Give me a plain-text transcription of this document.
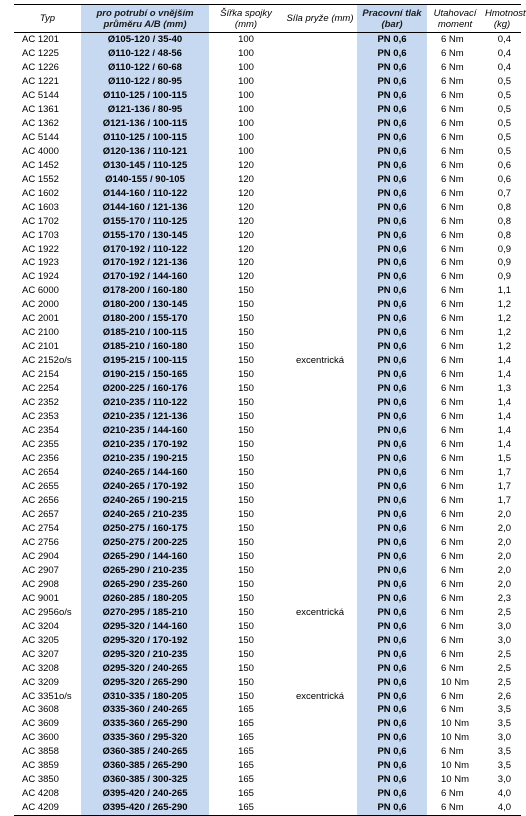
Typ	pro potrubí o vnějším průměru A/B (mm)	Šířka spojky (mm)	Síla pryže (mm)	Pracovní tlak (bar)	Utahovací moment	Hmotnost (kg)
AC 1201	Ø105-120 / 35-40	100		PN 0,6	6 Nm	0,4
AC 1225	Ø110-122 / 48-56	100		PN 0,6	6 Nm	0,4
AC 1226	Ø110-122 / 60-68	100		PN 0,6	6 Nm	0,4
AC 1221	Ø110-122 / 80-95	100		PN 0,6	6 Nm	0,5
AC 5144	Ø110-125 / 100-115	100		PN 0,6	6 Nm	0,5
AC 1361	Ø121-136 / 80-95	100		PN 0,6	6 Nm	0,5
AC 1362	Ø121-136 / 100-115	100		PN 0,6	6 Nm	0,5
AC 5144	Ø110-125 / 100-115	100		PN 0,6	6 Nm	0,5
AC 4000	Ø120-136 / 110-121	100		PN 0,6	6 Nm	0,5
AC 1452	Ø130-145 / 110-125	120		PN 0,6	6 Nm	0,6
AC 1552	Ø140-155 / 90-105	120		PN 0,6	6 Nm	0,6
AC 1602	Ø144-160 / 110-122	120		PN 0,6	6 Nm	0,7
AC 1603	Ø144-160 / 121-136	120		PN 0,6	6 Nm	0,8
AC 1702	Ø155-170 / 110-125	120		PN 0,6	6 Nm	0,8
AC 1703	Ø155-170 / 130-145	120		PN 0,6	6 Nm	0,8
AC 1922	Ø170-192 / 110-122	120		PN 0,6	6 Nm	0,9
AC 1923	Ø170-192 / 121-136	120		PN 0,6	6 Nm	0,9
AC 1924	Ø170-192 / 144-160	120		PN 0,6	6 Nm	0,9
AC 6000	Ø178-200 / 160-180	150		PN 0,6	6 Nm	1,1
AC 2000	Ø180-200 / 130-145	150		PN 0,6	6 Nm	1,2
AC 2001	Ø180-200 / 155-170	150		PN 0,6	6 Nm	1,2
AC 2100	Ø185-210 / 100-115	150		PN 0,6	6 Nm	1,2
AC 2101	Ø185-210 / 160-180	150		PN 0,6	6 Nm	1,2
AC 2152o/s	Ø195-215 / 100-115	150	excentrická	PN 0,6	6 Nm	1,4
AC 2154	Ø190-215 / 150-165	150		PN 0,6	6 Nm	1,4
AC 2254	Ø200-225 / 160-176	150		PN 0,6	6 Nm	1,3
AC 2352	Ø210-235 / 110-122	150		PN 0,6	6 Nm	1,4
AC 2353	Ø210-235 / 121-136	150		PN 0,6	6 Nm	1,4
AC 2354	Ø210-235 / 144-160	150		PN 0,6	6 Nm	1,4
AC 2355	Ø210-235 / 170-192	150		PN 0,6	6 Nm	1,4
AC 2356	Ø210-235 / 190-215	150		PN 0,6	6 Nm	1,5
AC 2654	Ø240-265 / 144-160	150		PN 0,6	6 Nm	1,7
AC 2655	Ø240-265 / 170-192	150		PN 0,6	6 Nm	1,7
AC 2656	Ø240-265 / 190-215	150		PN 0,6	6 Nm	1,7
AC 2657	Ø240-265 / 210-235	150		PN 0,6	6 Nm	2,0
AC 2754	Ø250-275 / 160-175	150		PN 0,6	6 Nm	2,0
AC 2756	Ø250-275 / 200-225	150		PN 0,6	6 Nm	2,0
AC 2904	Ø265-290 / 144-160	150		PN 0,6	6 Nm	2,0
AC 2907	Ø265-290 / 210-235	150		PN 0,6	6 Nm	2,0
AC 2908	Ø265-290 / 235-260	150		PN 0,6	6 Nm	2,0
AC 9001	Ø260-285 / 180-205	150		PN 0,6	6 Nm	2,3
AC 2956o/s	Ø270-295 / 185-210	150	excentrická	PN 0,6	6 Nm	2,5
AC 3204	Ø295-320 / 144-160	150		PN 0,6	6 Nm	3,0
AC 3205	Ø295-320 / 170-192	150		PN 0,6	6 Nm	3,0
AC 3207	Ø295-320 / 210-235	150		PN 0,6	6 Nm	2,5
AC 3208	Ø295-320 / 240-265	150		PN 0,6	6 Nm	2,5
AC 3209	Ø295-320 / 265-290	150		PN 0,6	10 Nm	2,5
AC 3351o/s	Ø310-335 / 180-205	150	excentrická	PN 0,6	6 Nm	2,6
AC 3608	Ø335-360 / 240-265	165		PN 0,6	6 Nm	3,5
AC 3609	Ø335-360 / 265-290	165		PN 0,6	10 Nm	3,5
AC 3600	Ø335-360 / 295-320	165		PN 0,6	10 Nm	3,0
AC 3858	Ø360-385 / 240-265	165		PN 0,6	6 Nm	3,5
AC 3859	Ø360-385 / 265-290	165		PN 0,6	10 Nm	3,5
AC 3850	Ø360-385 / 300-325	165		PN 0,6	10 Nm	3,0
AC 4208	Ø395-420 / 240-265	165		PN 0,6	6 Nm	4,0
AC 4209	Ø395-420 / 265-290	165		PN 0,6	6 Nm	4,0
